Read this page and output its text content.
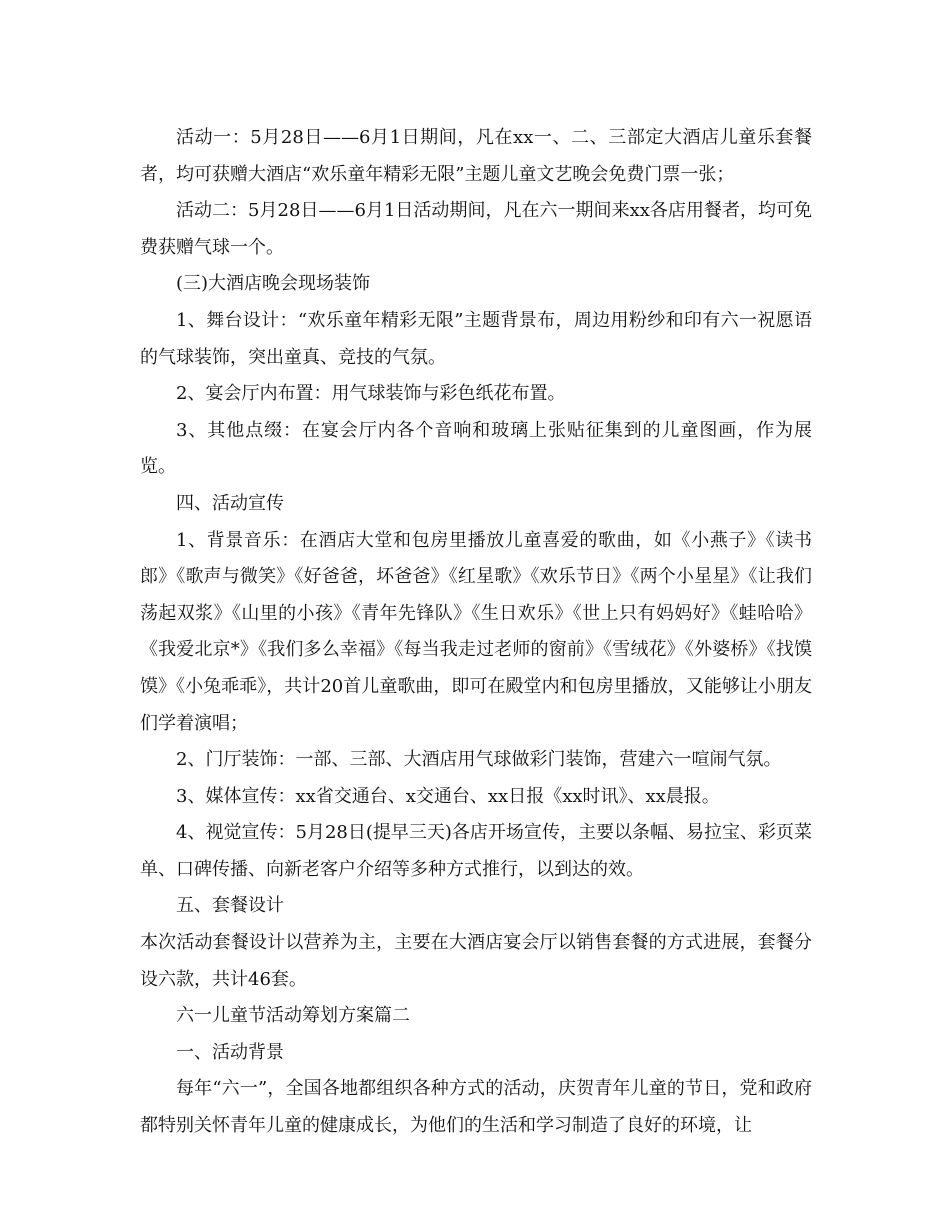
活动一：5月28日——6月1日期间，凡在xx一、二、三部定大酒店儿童乐套餐者，均可获赠大酒店“欢乐童年精彩无限”主题儿童文艺晚会免费门票一张；

活动二：5月28日——6月1日活动期间，凡在六一期间来xx各店用餐者，均可免费获赠气球一个。

(三)大酒店晚会现场装饰

1、舞台设计：“欢乐童年精彩无限”主题背景布，周边用粉纱和印有六一祝愿语的气球装饰，突出童真、竞技的气氛。

2、宴会厅内布置：用气球装饰与彩色纸花布置。

3、其他点缀：在宴会厅内各个音响和玻璃上张贴征集到的儿童图画，作为展览。

四、活动宣传

1、背景音乐：在酒店大堂和包房里播放儿童喜爱的歌曲，如《小燕子》《读书郎》《歌声与微笑》《好爸爸，坏爸爸》《红星歌》《欢乐节日》《两个小星星》《让我们荡起双浆》《山里的小孩》《青年先锋队》《生日欢乐》《世上只有妈妈好》《蛙哈哈》《我爱北京*》《我们多么幸福》《每当我走过老师的窗前》《雪绒花》《外婆桥》《找馍馍》《小兔乖乖》，共计20首儿童歌曲，即可在殿堂内和包房里播放，又能够让小朋友们学着演唱；

2、门厅装饰：一部、三部、大酒店用气球做彩门装饰，营建六一喧闹气氛。

3、媒体宣传：xx省交通台、x交通台、xx日报《xx时讯》、xx晨报。

4、视觉宣传：5月28日(提早三天)各店开场宣传，主要以条幅、易拉宝、彩页菜单、口碑传播、向新老客户介绍等多种方式推行，以到达的效。

五、套餐设计

本次活动套餐设计以营养为主，主要在大酒店宴会厅以销售套餐的方式进展，套餐分设六款，共计46套。

六一儿童节活动筹划方案篇二

一、活动背景

每年“六一”，全国各地都组织各种方式的活动，庆贺青年儿童的节日，党和政府都特别关怀青年儿童的健康成长，为他们的生活和学习制造了良好的环境，让
